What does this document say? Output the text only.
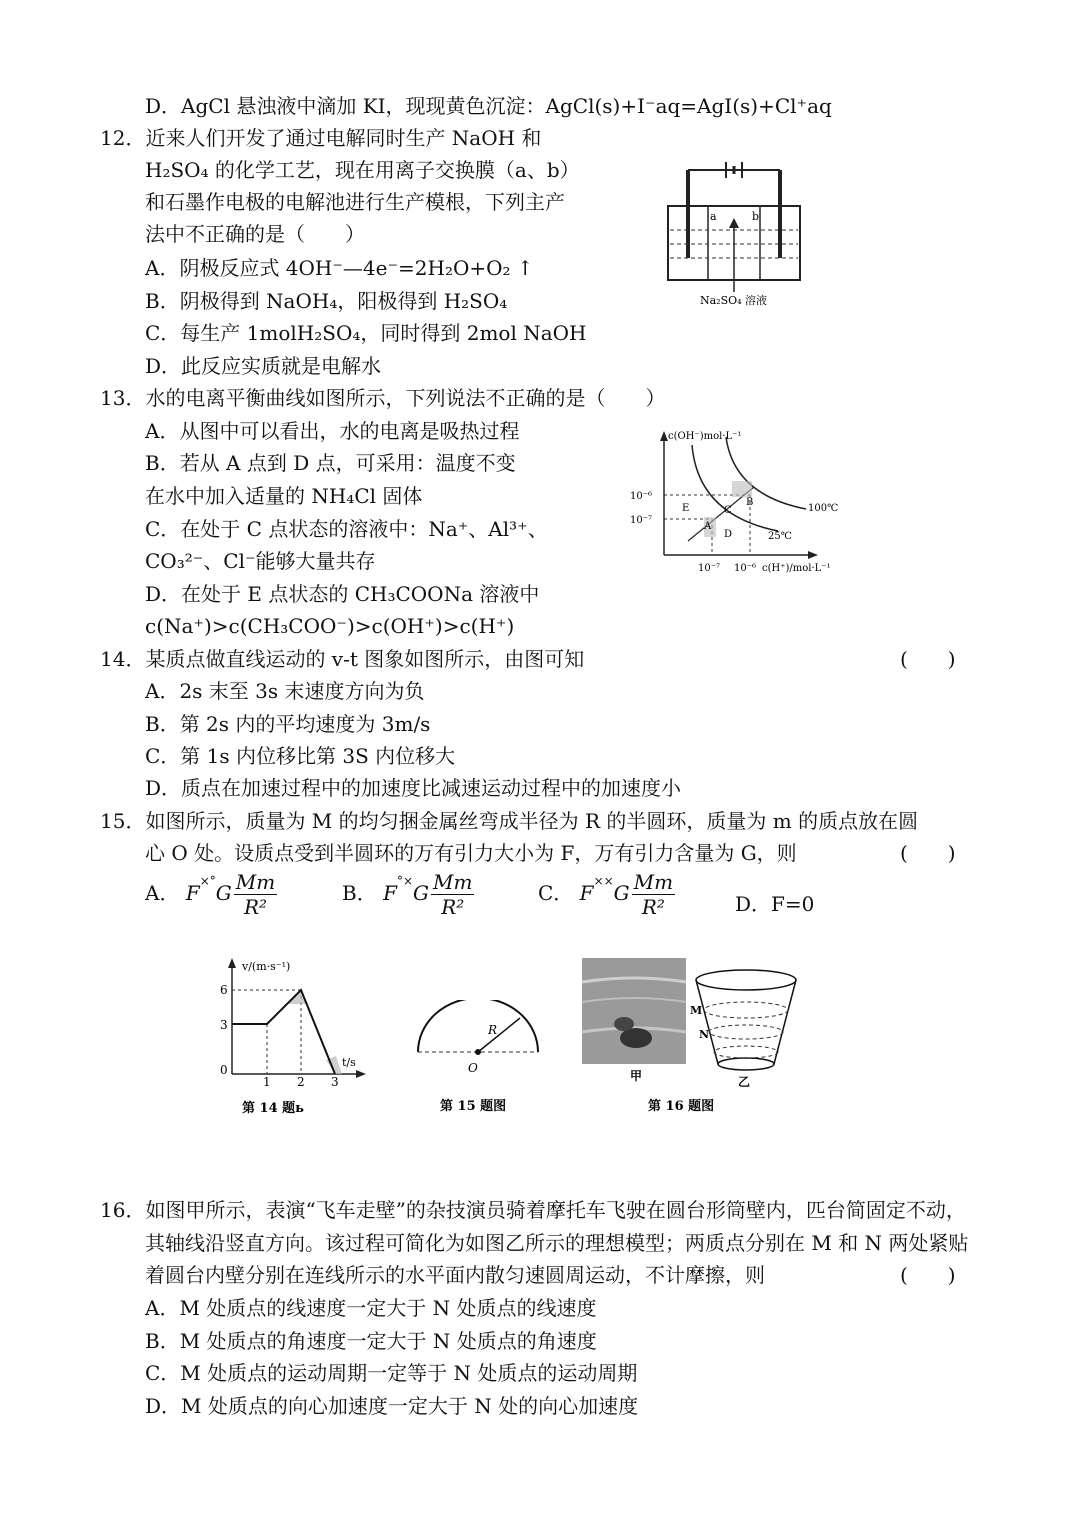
D．AgCl 悬浊液中滴加 KI，现现黄色沉淀：AgCl(s)+I⁻aq=AgI(s)+Cl⁺aq
12．近来人们开发了通过电解同时生产 NaOH 和
H₂SO₄ 的化学工艺，现在用离子交换膜（a、b）
和石墨作电极的电解池进行生产模根，下列主产
法中不正确的是（　　）
A．阴极反应式 4OH⁻—4e⁻=2H₂O+O₂ ↑
B．阴极得到 NaOH₄，阳极得到 H₂SO₄
C．每生产 1molH₂SO₄，同时得到 2mol NaOH
D．此反应实质就是电解水
a	b
Na₂SO₄ 溶液
13．水的电离平衡曲线如图所示，下列说法不正确的是（　　）
A．从图中可以看出，水的电离是吸热过程
B．若从 A 点到 D 点，可采用：温度不变
在水中加入适量的 NH₄Cl 固体
C．在处于 C 点状态的溶液中：Na⁺、Al³⁺、
CO₃²⁻、Cl⁻能够大量共存
D．在处于 E 点状态的 CH₃COONa 溶液中
c(Na⁺)>c(CH₃COO⁻)>c(OH⁺)>c(H⁺)
c(OH⁻)mol·L⁻¹
c(H⁺)/mol·L⁻¹
10⁻⁶
10⁻⁷
10⁻⁷ 10⁻⁶
100℃
25℃
A
B
C
D
E
14．某质点做直线运动的 v-t 图象如图所示，由图可知	(　　)
A．2s 末至 3s 末速度方向为负
B．第 2s 内的平均速度为 3m/s
C．第 1s 内位移比第 3S 内位移大
D．质点在加速过程中的加速度比减速运动过程中的加速度小
15．如图所示，质量为 M 的均匀捆金属丝弯成半径为 R 的半圆环，质量为 m 的质点放在圆
心 O 处。设质点受到半圆环的万有引力大小为 F，万有引力含量为 G，则	(　　)
A． $F^{\times^\circ}G \frac{Mm}{\text{R²}}$	B． $F^{^\circ\times}G \frac{Mm}{\text{R²}}$	C． $F^{\times\times}G \frac{Mm}{\text{R²}}$	D．F=0
v/(m·s⁻¹)
t/s
6
3
0
1 2 3
第 14 题ь
R
O
第 15 题图
甲
M
N
乙
第 16 题图
16．如图甲所示，表演“飞车走壁”的杂技演员骑着摩托车飞驶在圆台形筒壁内，匹台简固定不动，
其轴线沿竖直方向。该过程可简化为如图乙所示的理想模型；两质点分别在 M 和 N 两处紧贴
着圆台内壁分别在连线所示的水平面内散匀速圆周运动，不计摩擦，则	(　　)
A．M 处质点的线速度一定大于 N 处质点的线速度
B．M 处质点的角速度一定大于 N 处质点的角速度
C．M 处质点的运动周期一定等于 N 处质点的运动周期
D．M 处质点的向心加速度一定大于 N 处的向心加速度
